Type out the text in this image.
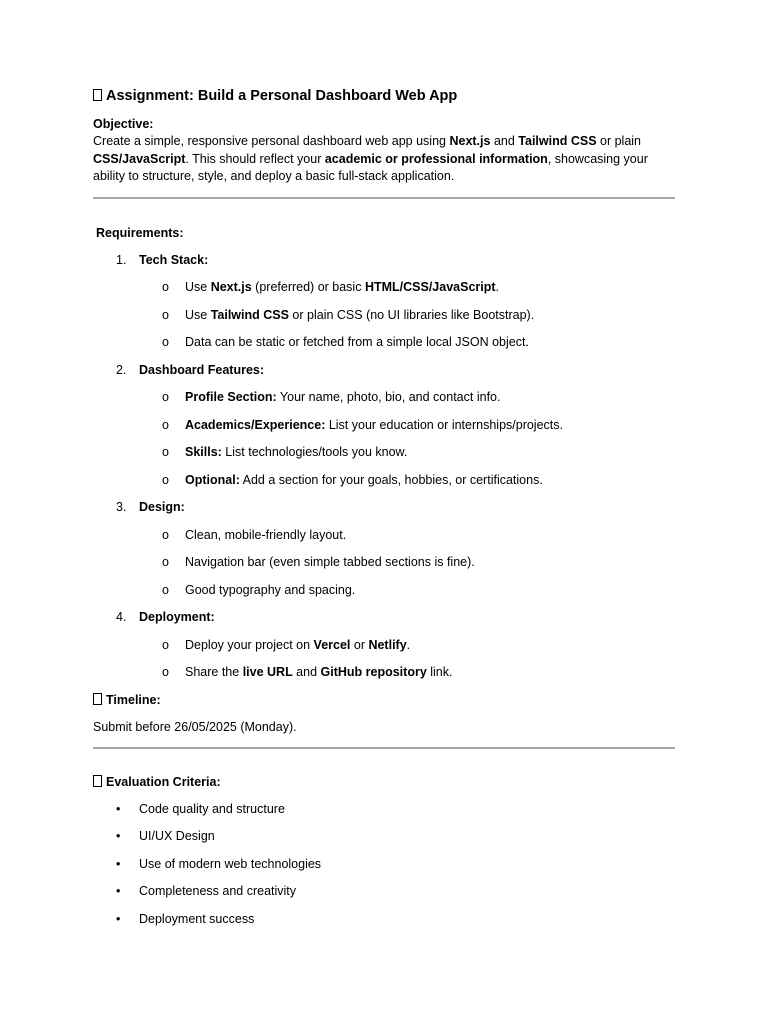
Assignment: Build a Personal Dashboard Web App
Objective:

Create a simple, responsive personal dashboard web app using Next.js and Tailwind CSS or plain CSS/JavaScript. This should reflect your academic or professional information, showcasing your ability to structure, style, and deploy a basic full-stack application.

Requirements:
1. Tech Stack:
o Use Next.js (preferred) or basic HTML/CSS/JavaScript.
o Use Tailwind CSS or plain CSS (no UI libraries like Bootstrap).
o Data can be static or fetched from a simple local JSON object.
2. Dashboard Features:
o Profile Section: Your name, photo, bio, and contact info.
o Academics/Experience: List your education or internships/projects.
o Skills: List technologies/tools you know.
o Optional: Add a section for your goals, hobbies, or certifications.
3. Design:
o Clean, mobile-friendly layout.
o Navigation bar (even simple tabbed sections is fine).
o Good typography and spacing.
4. Deployment:
o Deploy your project on Vercel or Netlify.
o Share the live URL and GitHub repository link.
Timeline:
Submit before 26/05/2025 (Monday).
Evaluation Criteria:
• Code quality and structure
• UI/UX Design
• Use of modern web technologies
• Completeness and creativity
• Deployment success
